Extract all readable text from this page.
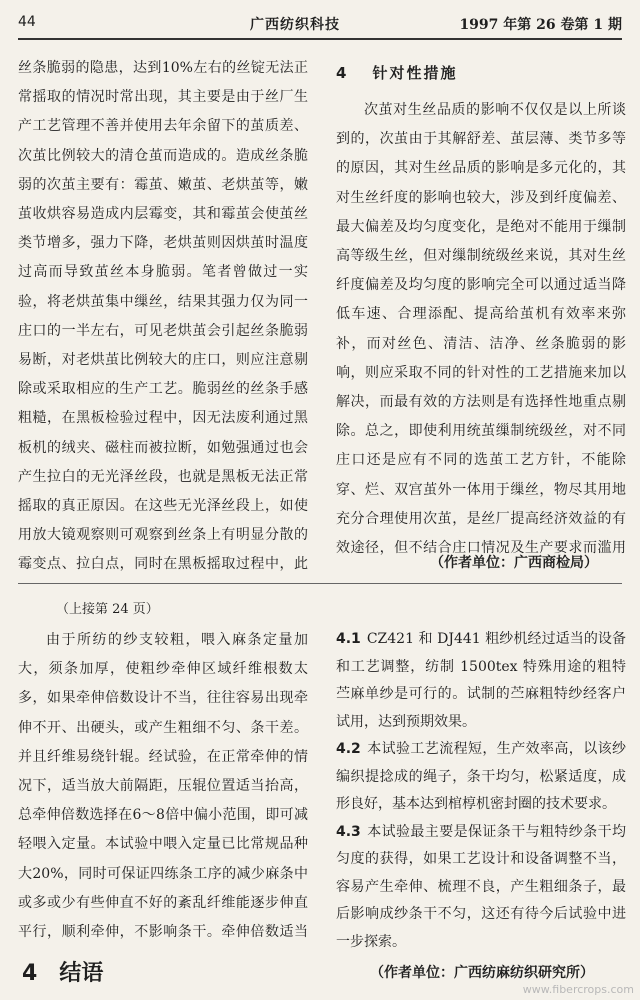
44	广西纺织科技	1997 年第 26 卷第 1 期

丝条脆弱的隐患，达到10%左右的丝锭无法正常摇取的情况时常出现，其主要是由于丝厂生产工艺管理不善并使用去年余留下的茧质差、次茧比例较大的清仓茧而造成的。造成丝条脆弱的次茧主要有：霉茧、嫩茧、老烘茧等，嫩茧收烘容易造成内层霉变，其和霉茧会使茧丝类节增多，强力下降，老烘茧则因烘茧时温度过高而导致茧丝本身脆弱。笔者曾做过一实验，将老烘茧集中缫丝，结果其强力仅为同一庄口的一半左右，可见老烘茧会引起丝条脆弱易断，对老烘茧比例较大的庄口，则应注意剔除或采取相应的生产工艺。脆弱丝的丝条手感粗糙，在黑板检验过程中，因无法废利通过黑板机的绒夹、磁柱而被拉断，如勉强通过也会产生拉白的无光泽丝段，也就是黑板无法正常摇取的真正原因。在这些无光泽丝段上，如使用放大镜观察则可观察到丝条上有明显分散的霉变点、拉白点，同时在黑板摇取过程中，此

4 针对性措施

次茧对生丝品质的影响不仅仅是以上所谈到的，次茧由于其解舒差、茧层薄、类节多等的原因，其对生丝品质的影响是多元化的，其对生丝纤度的影响也较大，涉及到纤度偏差、最大偏差及均匀度变化，是绝对不能用于缫制高等级生丝，但对缫制统级丝来说，其对生丝纤度偏差及均匀度的影响完全可以通过适当降低车速、合理添配、提高给茧机有效率来弥补，而对丝色、清洁、洁净、丝条脆弱的影响，则应采取不同的针对性的工艺措施来加以解决，而最有效的方法则是有选择性地重点剔除。总之，即使利用统茧缫制统级丝，对不同庄口还是应有不同的选茧工艺方针，不能除穿、烂、双宫茧外一体用于缫丝，物尽其用地充分合理使用次茧，是丝厂提高经济效益的有效途径，但不结合庄口情况及生产要求而滥用

（作者单位：广西商检局）
（上接第 24 页）

由于所纺的纱支较粗，喂入麻条定量加大，须条加厚，使粗纱牵伸区域纤维根数太多，如果牵伸倍数设计不当，往往容易出现牵伸不开、出硬头，或产生粗细不匀、条干差。并且纤维易绕针辊。经试验，在正常牵伸的情况下，适当放大前隔距，压辊位置适当抬高，总牵伸倍数选择在6～8倍中偏小范围，即可减轻喂入定量。本试验中喂入定量已比常规品种大20%，同时可保证四练条工序的减少麻条中或多或少有些伸直不好的紊乱纤维能逐步伸直平行，顺利牵伸，不影响条干。牵伸倍数适当

4.1 CZ421 和 DJ441 粗纱机经过适当的设备和工艺调整，纺制 1500tex 特殊用途的粗特苎麻单纱是可行的。试制的苎麻粗特纱经客户试用，达到预期效果。

4.2 本试验工艺流程短，生产效率高，以该纱编织提捻成的绳子，条干均匀，松紧适度，成形良好，基本达到棺椁机密封圈的技术要求。

4.3 本试验最主要是保证条干与粗特纱条干均匀度的获得，如果工艺设计和设备调整不当，容易产生牵伸、梳理不良，产生粗细条子，最后影响成纱条干不匀，这还有待今后试验中进一步探索。

4 结语	（作者单位：广西纺麻纺织研究所）
www.fibercrops.com
